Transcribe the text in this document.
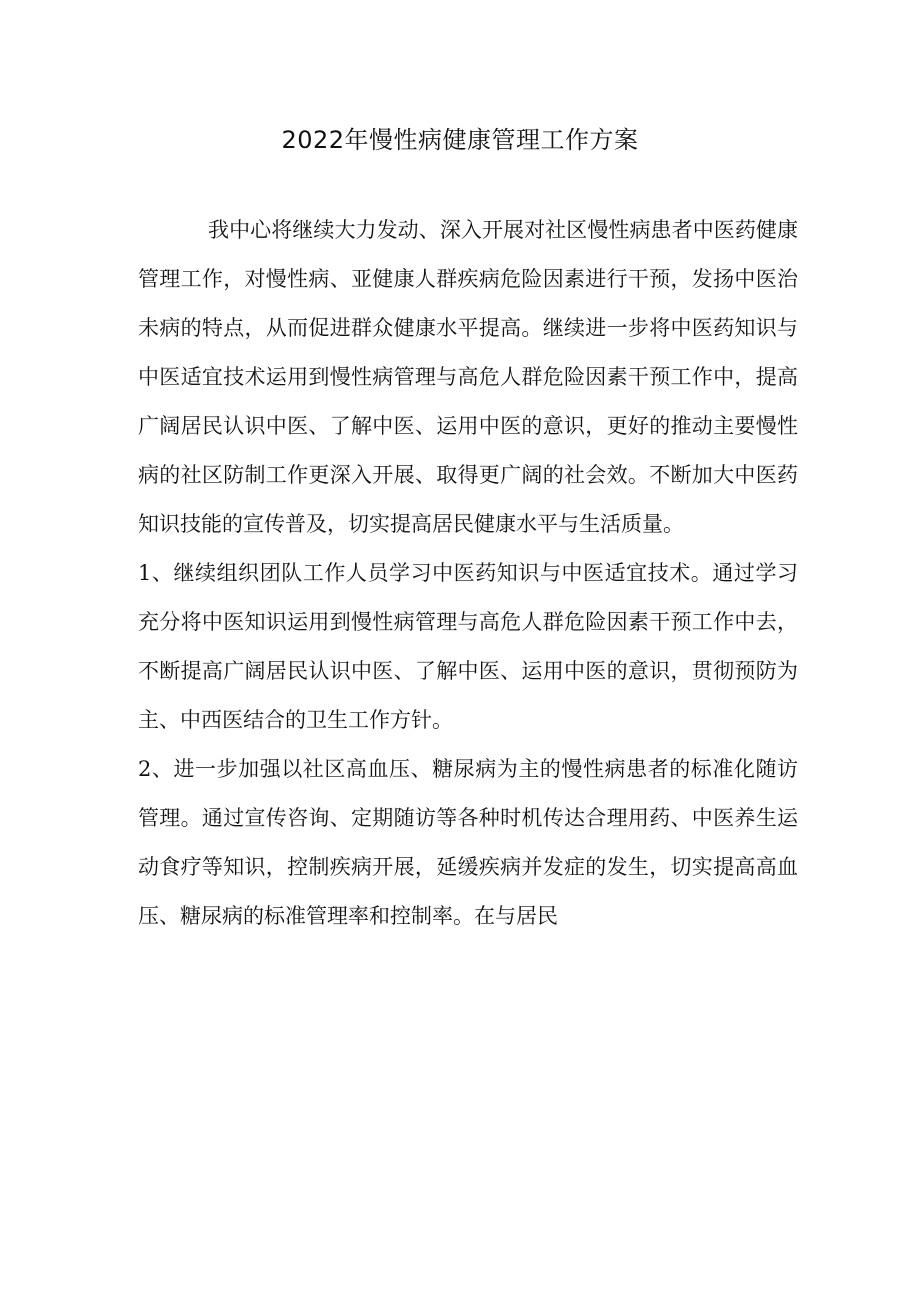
2022年慢性病健康管理工作方案

我中心将继续大力发动、深入开展对社区慢性病患者中医药健康管理工作，对慢性病、亚健康人群疾病危险因素进行干预，发扬中医治未病的特点，从而促进群众健康水平提高。继续进一步将中医药知识与中医适宜技术运用到慢性病管理与高危人群危险因素干预工作中，提高广阔居民认识中医、了解中医、运用中医的意识，更好的推动主要慢性病的社区防制工作更深入开展、取得更广阔的社会效。不断加大中医药知识技能的宣传普及，切实提高居民健康水平与生活质量。

1、继续组织团队工作人员学习中医药知识与中医适宜技术。通过学习充分将中医知识运用到慢性病管理与高危人群危险因素干预工作中去，不断提高广阔居民认识中医、了解中医、运用中医的意识，贯彻预防为主、中西医结合的卫生工作方针。

2、进一步加强以社区高血压、糖尿病为主的慢性病患者的标准化随访管理。通过宣传咨询、定期随访等各种时机传达合理用药、中医养生运动食疗等知识，控制疾病开展，延缓疾病并发症的发生，切实提高高血压、糖尿病的标准管理率和控制率。在与居民
